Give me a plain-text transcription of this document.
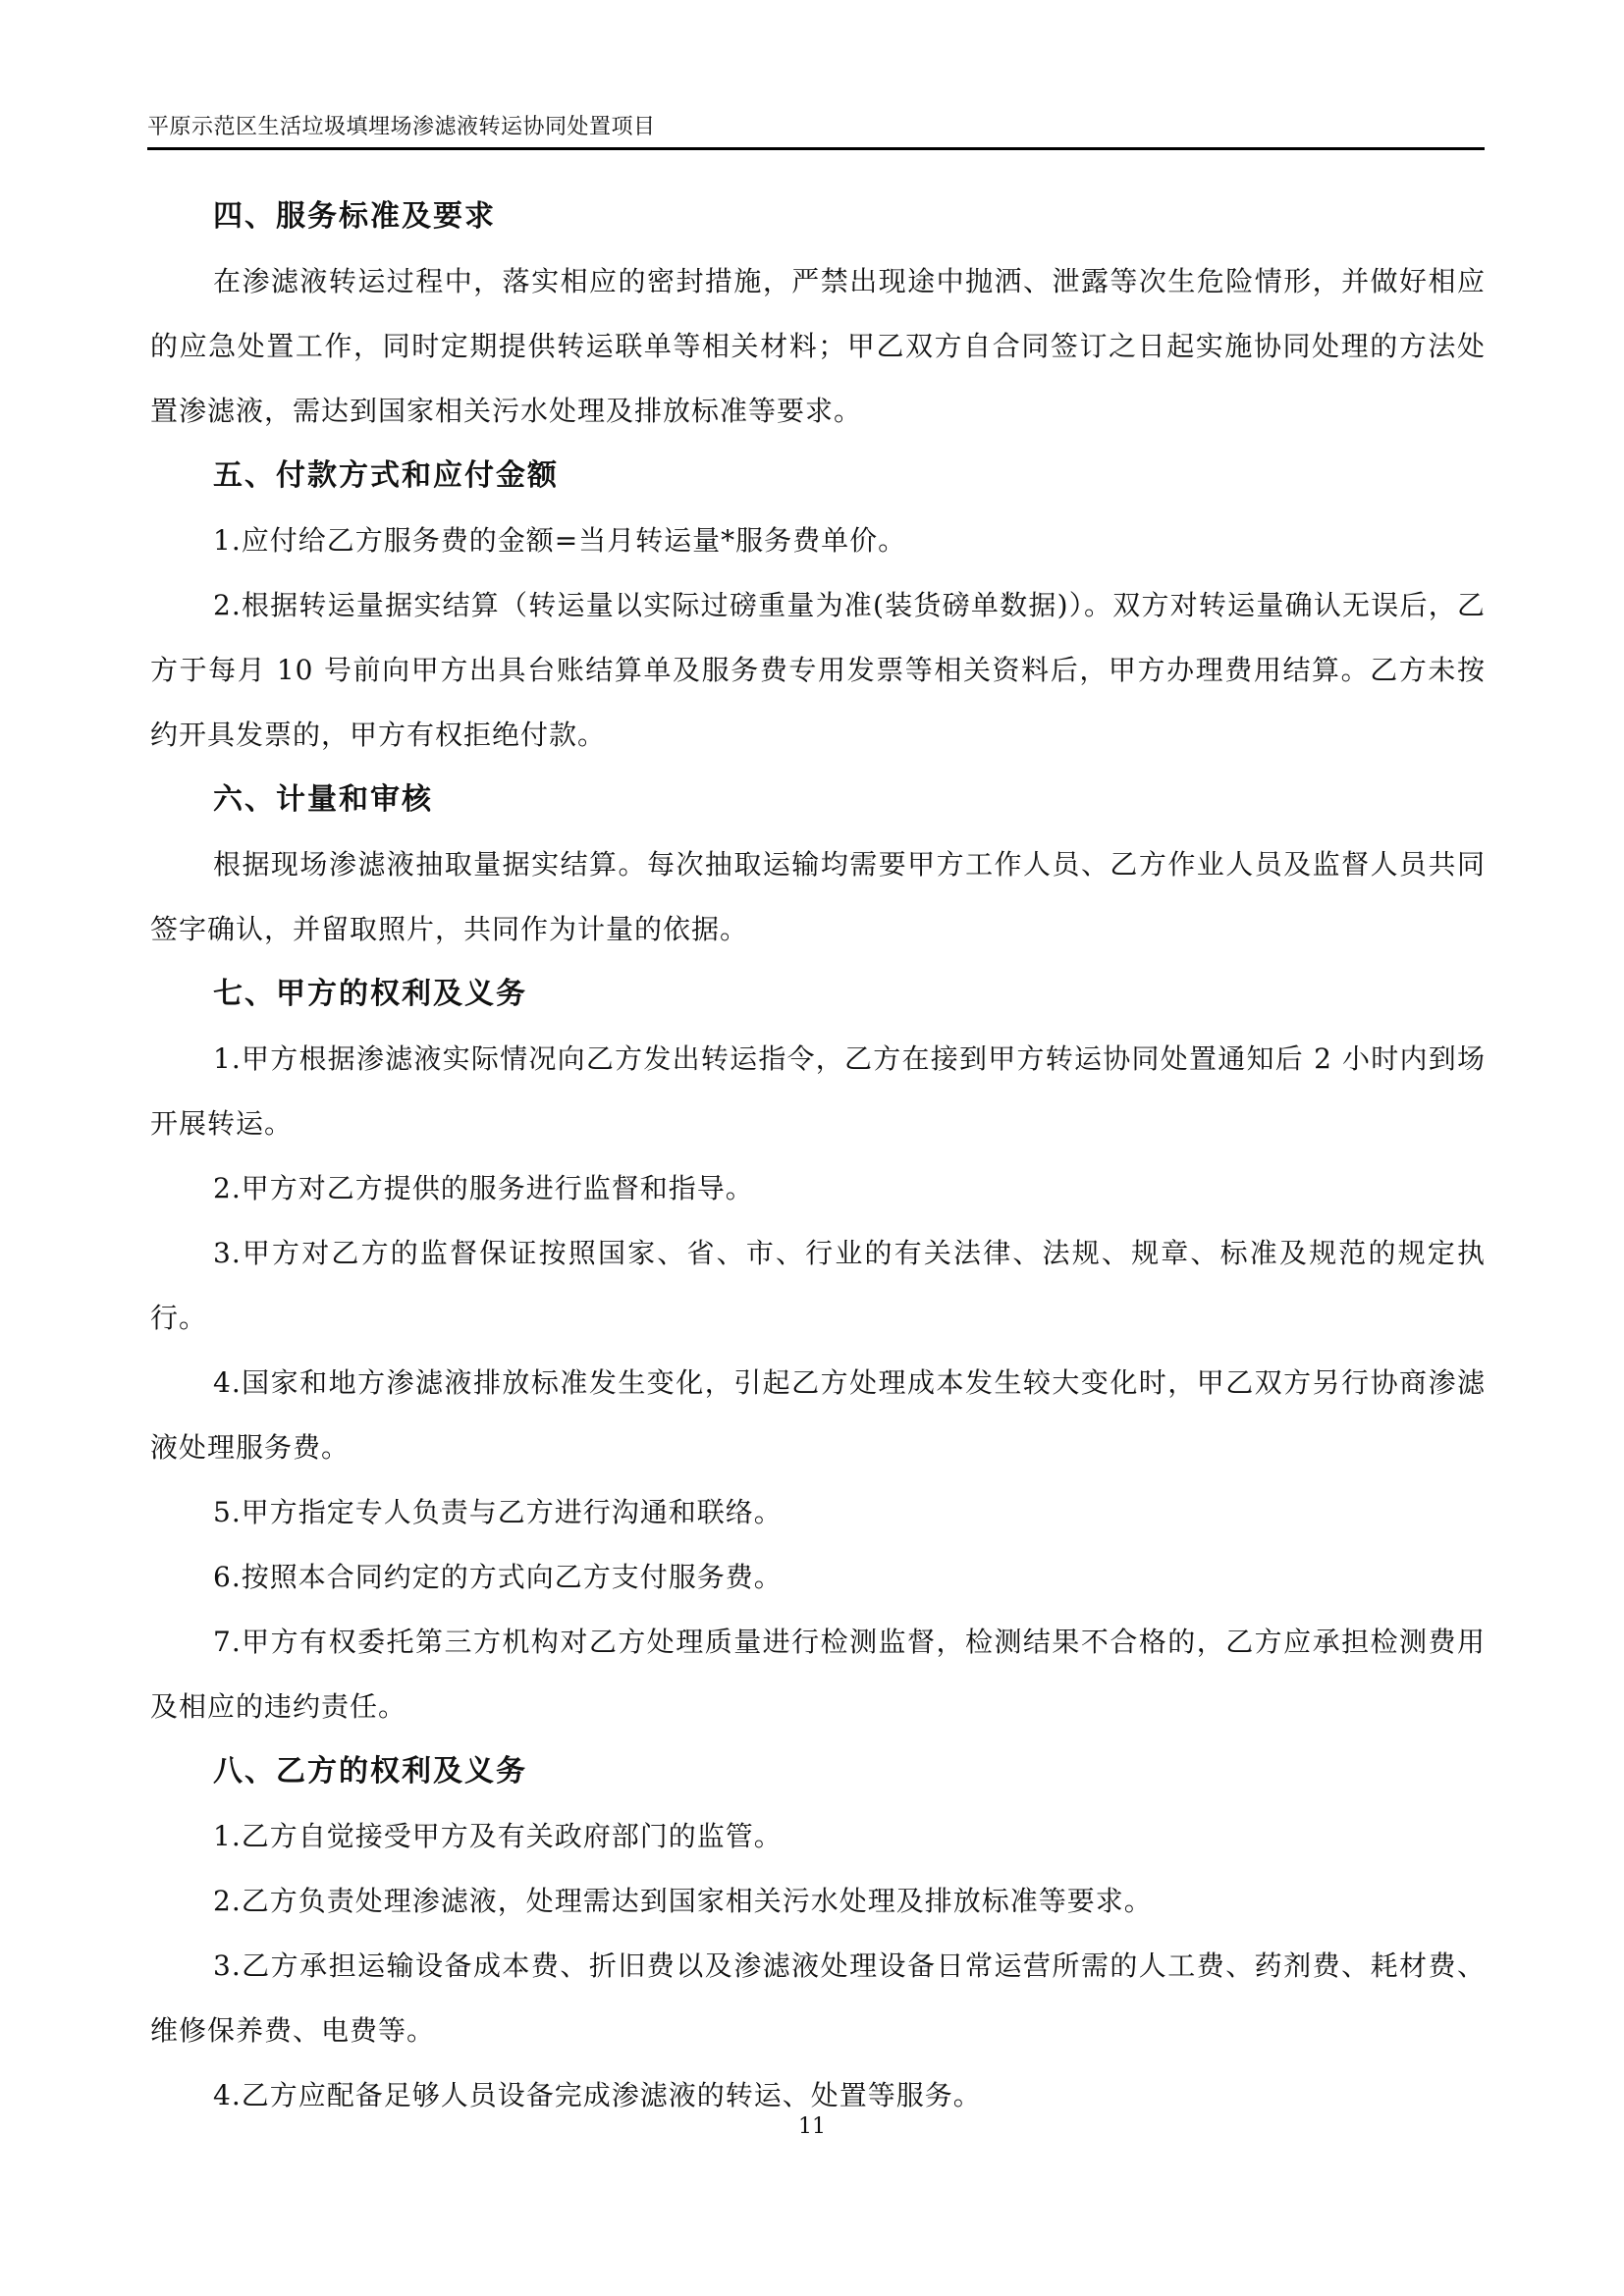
平原示范区生活垃圾填埋场渗滤液转运协同处置项目
四、服务标准及要求

在渗滤液转运过程中，落实相应的密封措施，严禁出现途中抛洒、泄露等次生危险情形，并做好相应的应急处置工作，同时定期提供转运联单等相关材料；甲乙双方自合同签订之日起实施协同处理的方法处置渗滤液，需达到国家相关污水处理及排放标准等要求。

五、付款方式和应付金额

1.应付给乙方服务费的金额=当月转运量*服务费单价。

2.根据转运量据实结算（转运量以实际过磅重量为准(装货磅单数据)）。双方对转运量确认无误后，乙方于每月 10 号前向甲方出具台账结算单及服务费专用发票等相关资料后，甲方办理费用结算。乙方未按约开具发票的，甲方有权拒绝付款。

六、计量和审核

根据现场渗滤液抽取量据实结算。每次抽取运输均需要甲方工作人员、乙方作业人员及监督人员共同签字确认，并留取照片，共同作为计量的依据。

七、甲方的权利及义务

1.甲方根据渗滤液实际情况向乙方发出转运指令，乙方在接到甲方转运协同处置通知后 2 小时内到场开展转运。

2.甲方对乙方提供的服务进行监督和指导。

3.甲方对乙方的监督保证按照国家、省、市、行业的有关法律、法规、规章、标准及规范的规定执行。

4.国家和地方渗滤液排放标准发生变化，引起乙方处理成本发生较大变化时，甲乙双方另行协商渗滤液处理服务费。

5.甲方指定专人负责与乙方进行沟通和联络。

6.按照本合同约定的方式向乙方支付服务费。

7.甲方有权委托第三方机构对乙方处理质量进行检测监督，检测结果不合格的，乙方应承担检测费用及相应的违约责任。

八、乙方的权利及义务

1.乙方自觉接受甲方及有关政府部门的监管。

2.乙方负责处理渗滤液，处理需达到国家相关污水处理及排放标准等要求。

3.乙方承担运输设备成本费、折旧费以及渗滤液处理设备日常运营所需的人工费、药剂费、耗材费、维修保养费、电费等。

4.乙方应配备足够人员设备完成渗滤液的转运、处置等服务。

11
